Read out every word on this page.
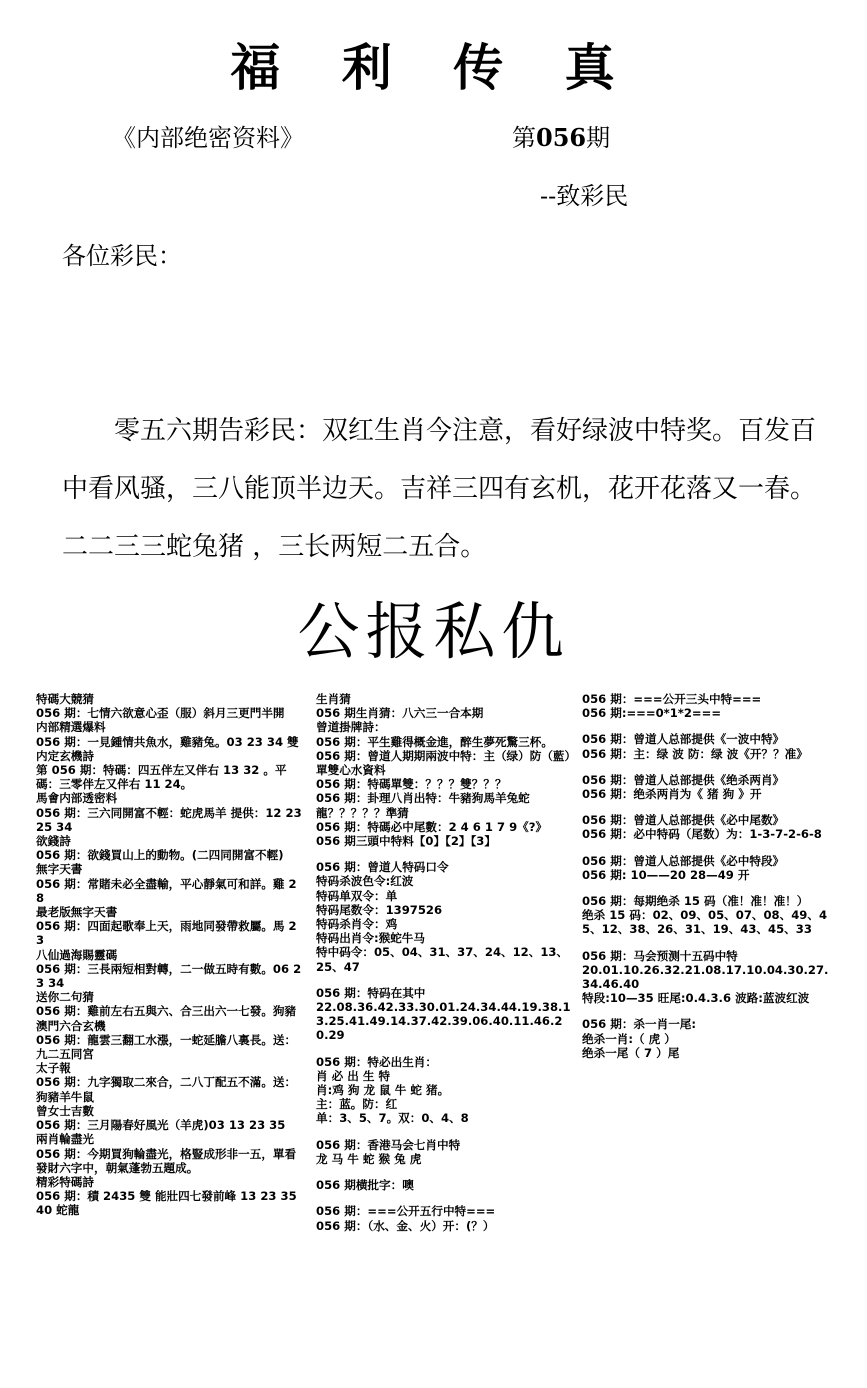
福 利 传 真
《内部绝密资料》	第056期
--致彩民
各位彩民：
零五六期告彩民：双红生肖今注意，看好绿波中特奖。百发百中看风骚，三八能顶半边天。吉祥三四有玄机，花开花落又一春。二二三三蛇兔猪 ，三长两短二五合。
公报私仇
特碼大競猜
056 期：七情六欲意心歪（服）斜月三更門半開
内部精選爆料
056 期：一見鍾情共魚水，雞豬兔。03 23 34 雙
内定玄機詩
第 056 期：特碼：四五伴左又伴右 13 32 。平碼：三零伴左又伴右 11 24。
馬會内部透密料
056 期：三六同開富不輕：蛇虎馬羊 提供：12 23 25 34
欲錢詩
056 期：欲錢買山上的動物。(二四同開富不輕)
無字天書
056 期：常賭未必全盡輸，平心靜氣可和詳。雞 28
最老版無字天書
056 期：四面起歌奉上天，雨地同發帶救屬。馬 23
八仙過海賜靈碼
056 期：三長兩短相對轉，二一做五時有數。06 23 34
送你二句猜
056 期：雞前左右五與六、合三出六一七發。狗豬
澳門六合玄機
056 期：龍雲三翻工水漲，一蛇延膽八裏長。送：九二五同宮
太子報
056 期：九字獨取二來合，二八丁配五不滿。送：狗豬羊牛鼠
曾女士吉數
056 期：三月陽春好風光（羊虎)03 13 23 35
兩肖輪盡光
056 期：今期買狗輪盡光，格豎成形非一五，單看發財六字中，朝氣蓬勃五題成。
精彩特碼詩
056 期：積 2435 雙 能壯四七發前峰 13 23 35 40 蛇龍
生肖猜
056 期生肖猜：八六三一合本期
曾道掛牌詩：
056 期：平生雞得概金進，醉生夢死驚三杯。
056 期：曾道人期期兩波中特：主（绿）防（藍）
單雙心水資料
056 期：特碼單雙：？？？雙？？？
056 期：卦理八肖出特：牛豬狗馬羊兔蛇龍？？？？？準猜
056 期：特碼必中尾數：2 4 6 1 7 9《?》
056 期三頭中特料【0】【2】【3】
056 期：曾道人特码口令
特码杀波色令:红波
特码单双令：单
特码尾数令：1397526
特码杀肖令：鸡
特码出肖令:猴蛇牛马
特中码令：05、04、31、37、24、12、13、25、47
056 期：特码在其中
22.08.36.42.33.30.01.24.34.44.19.38.13.25.41.49.14.37.42.39.06.40.11.46.20.29
056 期：特必出生肖：
肖 必 出 生 特
肖:鸡 狗 龙 鼠 牛 蛇 猪。
主：蓝。防：红
单：3、5、7。双：0、4、8
056 期：香港马会七肖中特
龙 马 牛 蛇 猴 兔 虎
056 期横批字：噢
056 期：===公开五行中特===
056 期：（水、金、火）开：(？）
056 期：===公开三头中特===
056 期:===0*1*2===
056 期：曾道人总部提供《一波中特》
056 期：主：绿 波 防：绿 波《开？？准》
056 期：曾道人总部提供《绝杀两肖》
056 期：绝杀两肖为《 猪 狗 》开
056 期：曾道人总部提供《必中尾数》
056 期：必中特码（尾数）为：1-3-7-2-6-8
056 期：曾道人总部提供《必中特段》
056 期: 10——20 28—49 开
056 期：每期绝杀 15 码（准！准！准！）
绝杀 15 码：02、09、05、07、08、49、45、12、38、26、31、19、43、45、33
056 期：马会预测十五码中特
20.01.10.26.32.21.08.17.10.04.30.27.34.46.40
特段:10—35 旺尾:0.4.3.6 波路:蓝波红波
056 期：杀一肖一尾:
绝杀一肖:（ 虎 ）
绝杀一尾（ 7 ）尾
